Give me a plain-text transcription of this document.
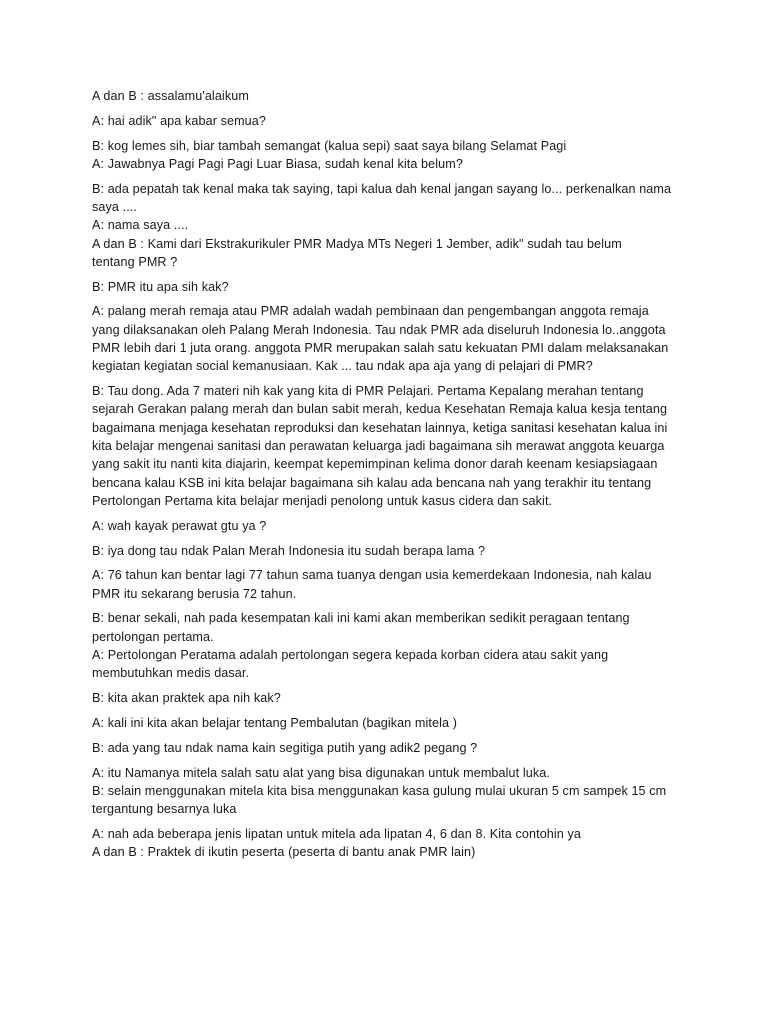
A dan B : assalamu'alaikum
A: hai adik" apa kabar semua?
B: kog lemes sih, biar tambah semangat (kalua sepi) saat saya bilang Selamat Pagi
A: Jawabnya Pagi Pagi Pagi Luar Biasa, sudah kenal kita belum?
B: ada pepatah tak kenal maka tak saying, tapi kalua dah kenal jangan sayang lo... perkenalkan nama
saya ....
A: nama saya ....
A dan B : Kami dari Ekstrakurikuler PMR Madya MTs Negeri 1 Jember, adik" sudah tau belum
tentang PMR ?
B: PMR itu apa sih kak?
A: palang merah remaja atau PMR adalah wadah pembinaan dan pengembangan anggota remaja
yang dilaksanakan oleh Palang Merah Indonesia. Tau ndak PMR ada diseluruh Indonesia lo..anggota
PMR lebih dari 1 juta orang. anggota PMR merupakan salah satu kekuatan PMI dalam melaksanakan
kegiatan kegiatan social kemanusiaan. Kak ... tau ndak apa aja yang di pelajari di PMR?
B: Tau dong. Ada 7 materi nih kak yang kita di PMR Pelajari. Pertama Kepalang merahan tentang
sejarah Gerakan palang merah dan bulan sabit merah, kedua Kesehatan Remaja kalua kesja tentang
bagaimana menjaga kesehatan reproduksi dan kesehatan lainnya, ketiga sanitasi kesehatan kalua ini
kita belajar mengenai sanitasi dan perawatan keluarga jadi bagaimana sih merawat anggota keuarga
yang sakit itu nanti kita diajarin, keempat kepemimpinan kelima donor darah keenam kesiapsiagaan
bencana kalau KSB ini kita belajar bagaimana sih kalau ada bencana nah yang terakhir itu tentang
Pertolongan Pertama kita belajar menjadi penolong untuk kasus cidera dan sakit.
A: wah kayak perawat gtu ya ?
B: iya dong tau ndak Palan Merah Indonesia itu sudah berapa lama ?
A: 76 tahun kan bentar lagi 77 tahun sama tuanya dengan usia kemerdekaan Indonesia, nah kalau
PMR itu sekarang berusia 72 tahun.
B: benar sekali, nah pada kesempatan kali ini kami akan memberikan sedikit peragaan tentang
pertolongan pertama.
A: Pertolongan Peratama adalah pertolongan segera kepada korban cidera atau sakit yang
membutuhkan medis dasar.
B: kita akan praktek apa nih kak?
A: kali ini kita akan belajar tentang Pembalutan (bagikan mitela )
B: ada yang tau ndak nama kain segitiga putih yang adik2 pegang ?
A: itu Namanya mitela salah satu alat yang bisa digunakan untuk membalut luka.
B: selain menggunakan mitela kita bisa menggunakan kasa gulung mulai ukuran 5 cm sampek 15 cm
tergantung besarnya luka
A: nah ada beberapa jenis lipatan untuk mitela ada lipatan 4, 6 dan 8. Kita contohin ya
A dan B : Praktek di ikutin peserta (peserta di bantu anak PMR lain)
